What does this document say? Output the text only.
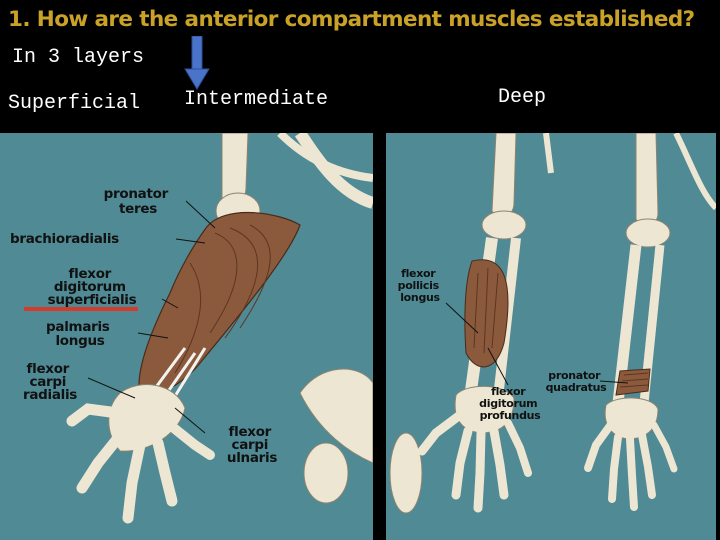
1. How are the anterior compartment muscles established?
In 3 layers
Superficial Intermediate	Deep
pronator teres
brachioradialis
flexor digitorum superficialis
palmaris longus
flexor carpi radialis
flexor carpi ulnaris
flexor pollicis longus
flexor digitorum profundus
pronator quadratus
